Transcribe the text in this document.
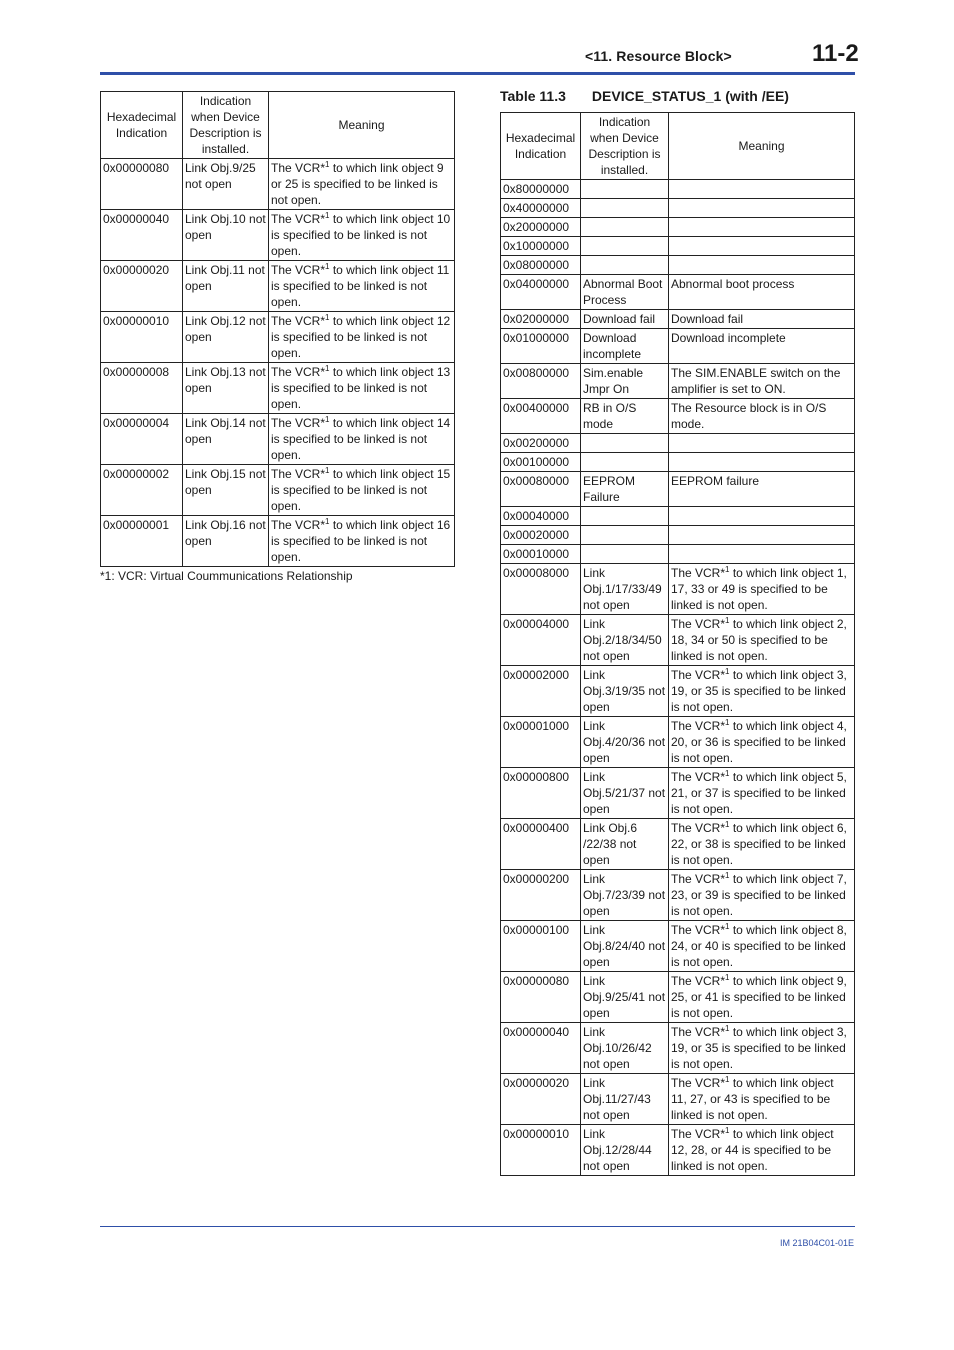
<11. Resource Block>	11-2
Hexadecimal Indication	Indication when Device Description is installed.	Meaning
0x00000080	Link Obj.9/25 not open	The VCR*$^1$ to which link object 9 or 25 is specified to be linked is not open.
0x00000040	Link Obj.10 not open	The VCR*$^1$ to which link object 10 is specified to be linked is not open.
0x00000020	Link Obj.11 not open	The VCR*$^1$ to which link object 11 is specified to be linked is not open.
0x00000010	Link Obj.12 not open	The VCR*$^1$ to which link object 12 is specified to be linked is not open.
0x00000008	Link Obj.13 not open	The VCR*$^1$ to which link object 13 is specified to be linked is not open.
0x00000004	Link Obj.14 not open	The VCR*$^1$ to which link object 14 is specified to be linked is not open.
0x00000002	Link Obj.15 not open	The VCR*$^1$ to which link object 15 is specified to be linked is not open.
0x00000001	Link Obj.16 not open	The VCR*$^1$ to which link object 16 is specified to be linked is not open.
*1: VCR: Virtual Coummunications Relationship
Table 11.3 DEVICE_STATUS_1 (with /EE)
Hexadecimal Indication	Indication when Device Description is installed.	Meaning
0x80000000		
0x40000000		
0x20000000		
0x10000000		
0x08000000		
0x04000000	Abnormal Boot Process	Abnormal boot process
0x02000000	Download fail	Download fail
0x01000000	Download incomplete	Download incomplete
0x00800000	Sim.enable Jmpr On	The SIM.ENABLE switch on the amplifier is set to ON.
0x00400000	RB in O/S mode	The Resource block is in O/S mode.
0x00200000		
0x00100000		
0x00080000	EEPROM Failure	EEPROM failure
0x00040000		
0x00020000		
0x00010000		
0x00008000	Link Obj.1/17/33/49 not open	The VCR*$^1$ to which link object 1, 17, 33 or 49 is specified to be linked is not open.
0x00004000	Link Obj.2/18/34/50 not open	The VCR*$^1$ to which link object 2, 18, 34 or 50 is specified to be linked is not open.
0x00002000	Link Obj.3/19/35 not open	The VCR*$^1$ to which link object 3, 19, or 35 is specified to be linked is not open.
0x00001000	Link Obj.4/20/36 not open	The VCR*$^1$ to which link object 4, 20, or 36 is specified to be linked is not open.
0x00000800	Link Obj.5/21/37 not open	The VCR*$^1$ to which link object 5, 21, or 37 is specified to be linked is not open.
0x00000400	Link Obj.6 /22/38 not open	The VCR*$^1$ to which link object 6, 22, or 38 is specified to be linked is not open.
0x00000200	Link Obj.7/23/39 not open	The VCR*$^1$ to which link object 7, 23, or 39 is specified to be linked is not open.
0x00000100	Link Obj.8/24/40 not open	The VCR*$^1$ to which link object 8, 24, or 40 is specified to be linked is not open.
0x00000080	Link Obj.9/25/41 not open	The VCR*$^1$ to which link object 9, 25, or 41 is specified to be linked is not open.
0x00000040	Link Obj.10/26/42 not open	The VCR*$^1$ to which link object 3, 19, or 35 is specified to be linked is not open.
0x00000020	Link Obj.11/27/43 not open	The VCR*$^1$ to which link object 11, 27, or 43 is specified to be linked is not open.
0x00000010	Link Obj.12/28/44 not open	The VCR*$^1$ to which link object 12, 28, or 44 is specified to be linked is not open.
IM 21B04C01-01E
